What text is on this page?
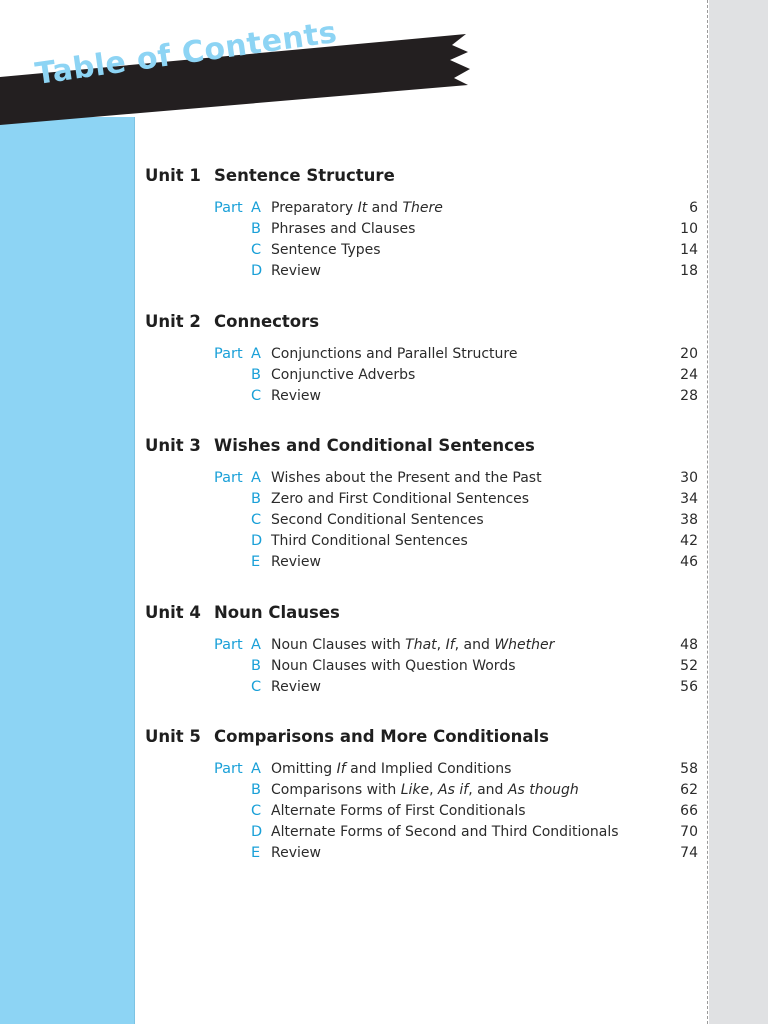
Table of Contents
Unit 1 Sentence Structure
Part A Preparatory It and There	6
B Phrases and Clauses	10
C Sentence Types	14
D Review	18
Unit 2 Connectors
Part A Conjunctions and Parallel Structure	20
B Conjunctive Adverbs	24
C Review	28
Unit 3 Wishes and Conditional Sentences
Part A Wishes about the Present and the Past	30
B Zero and First Conditional Sentences	34
C Second Conditional Sentences	38
D Third Conditional Sentences	42
E Review	46
Unit 4 Noun Clauses
Part A Noun Clauses with That, If, and Whether	48
B Noun Clauses with Question Words	52
C Review	56
Unit 5 Comparisons and More Conditionals
Part A Omitting If and Implied Conditions	58
B Comparisons with Like, As if, and As though	62
C Alternate Forms of First Conditionals	66
D Alternate Forms of Second and Third Conditionals	70
E Review	74
